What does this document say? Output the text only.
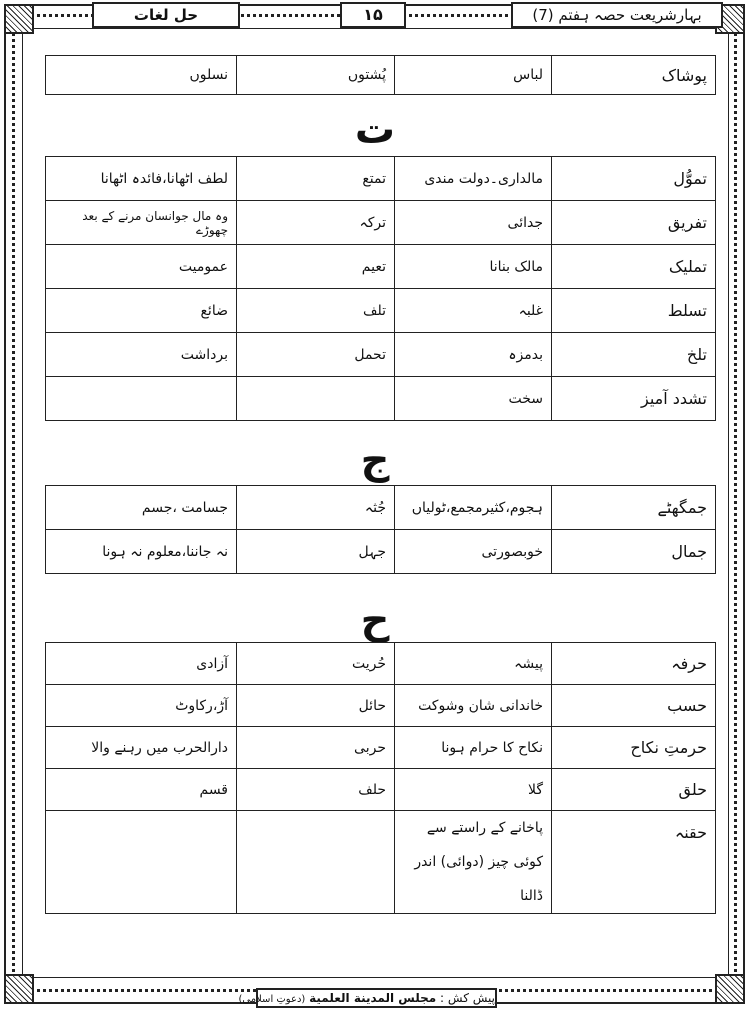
بہارشریعت حصہ ہفتم (7)
۱۵
حل لغات
پوشاک	لباس	پُشتوں	نسلوں
ت
تموُّل	مالداری۔دولت مندی	تمتع	لطف اٹھانا،فائدہ اٹھانا
تفریق	جدائی	ترکہ	وہ مال جوانسان مرنے کے بعد چھوڑے
تملیک	مالک بنانا	تعیم	عمومیت
تسلط	غلبہ	تلف	ضائع
تلخ	بدمزہ	تحمل	برداشت
تشدد آمیز	سخت		
ج
جمگھٹے	ہجوم،کثیرمجمع،ٹولیاں	جُثہ	جسامت ،جسم
جمال	خوبصورتی	جہل	نہ جاننا،معلوم نہ ہونا
ح
حرفہ	پیشہ	حُریت	آزادی
حسب	خاندانی شان وشوکت	حائل	آڑ،رکاوٹ
حرمتِ نکاح	نکاح کا حرام ہونا	حربی	دارالحرب میں رہنے والا
حلق	گلا	حلف	قسم
حقنہ	پاخانے کے راستے سے کوئی چیز (دوائی) اندر ڈالنا		
پیش کش : مجلس المدينة العلمية (دعوتِ اسلامی)
